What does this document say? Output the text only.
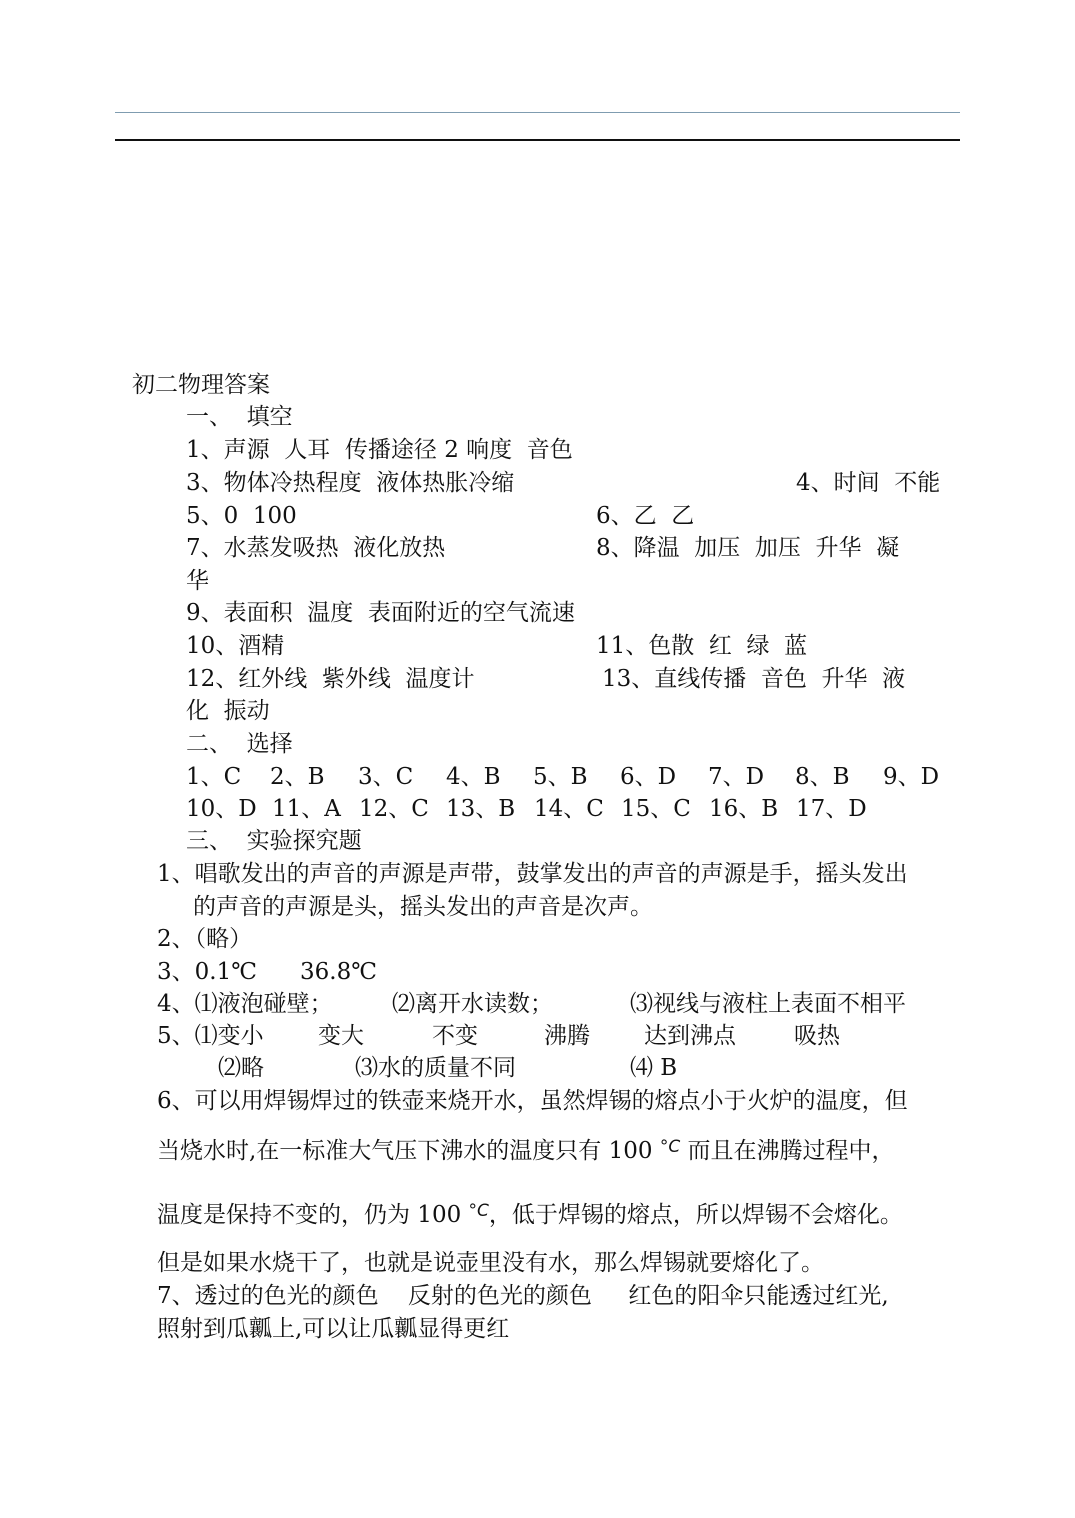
初二物理答案
一、  填空
1、声源  人耳  传播途径 2 响度  音色
3、物体冷热程度  液体热胀冷缩	4、时间  不能
5、0  100	6、乙  乙
7、水蒸发吸热  液化放热	8、降温  加压  加压  升华  凝
华
9、表面积  温度  表面附近的空气流速
10、酒精	11、色散  红  绿  蓝
12、红外线  紫外线  温度计	13、直线传播  音色  升华  液
化  振动
二、  选择
1、C 2、B 3、C 4、B 5、B 6、D 7、D 8、B 9、D
10、D 11、A 12、C 13、B 14、C 15、C 16、B 17、D
三、  实验探究题
1、唱歌发出的声音的声源是声带，鼓掌发出的声音的声源是手，摇头发出
的声音的声源是头，摇头发出的声音是次声。
2、（略）
3、0.1℃ 36.8℃
4、⑴液泡碰壁；	⑵离开水读数；	⑶视线与液柱上表面不相平
5、⑴变小 变大	不变	沸腾 达到沸点	吸热
⑵略	⑶水的质量不同	⑷ B
6、可以用焊锡焊过的铁壶来烧开水，虽然焊锡的熔点小于火炉的温度，但
当烧水时,在一标准大气压下沸水的温度只有 100 $^{^\circ C}$ 而且在沸腾过程中，
温度是保持不变的，仍为 100 $^{^\circ C}$，低于焊锡的熔点，所以焊锡不会熔化。
但是如果水烧干了，也就是说壶里没有水，那么焊锡就要熔化了。
7、透过的色光的颜色    反射的色光的颜色     红色的阳伞只能透过红光,
照射到瓜瓤上,可以让瓜瓤显得更红
